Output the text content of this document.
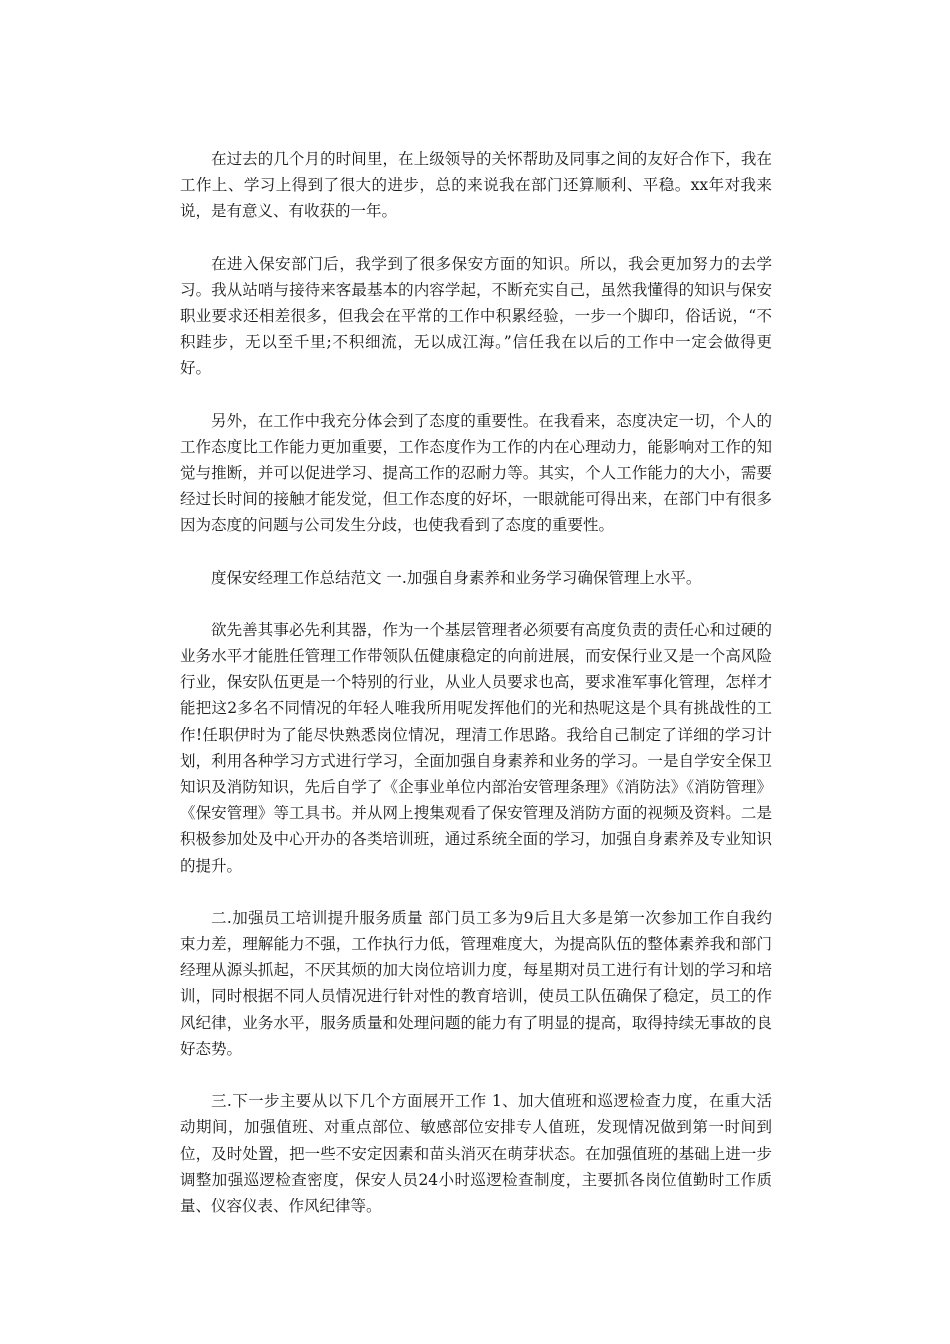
在过去的几个月的时间里，在上级领导的关怀帮助及同事之间的友好合作下，我在工作上、学习上得到了很大的进步，总的来说我在部门还算顺利、平稳。xx年对我来说，是有意义、有收获的一年。

在进入保安部门后，我学到了很多保安方面的知识。所以，我会更加努力的去学习。我从站哨与接待来客最基本的内容学起，不断充实自己，虽然我懂得的知识与保安职业要求还相差很多，但我会在平常的工作中积累经验，一步一个脚印，俗话说，“不积跬步，无以至千里;不积细流，无以成江海。”信任我在以后的工作中一定会做得更好。

另外，在工作中我充分体会到了态度的重要性。在我看来，态度决定一切，个人的工作态度比工作能力更加重要，工作态度作为工作的内在心理动力，能影响对工作的知觉与推断，并可以促进学习、提高工作的忍耐力等。其实，个人工作能力的大小，需要经过长时间的接触才能发觉，但工作态度的好坏，一眼就能可得出来，在部门中有很多因为态度的问题与公司发生分歧，也使我看到了态度的重要性。

度保安经理工作总结范文 一.加强自身素养和业务学习确保管理上水平。

欲先善其事必先利其器，作为一个基层管理者必须要有高度负责的责任心和过硬的业务水平才能胜任管理工作带领队伍健康稳定的向前进展，而安保行业又是一个高风险行业，保安队伍更是一个特别的行业，从业人员要求也高，要求准军事化管理，怎样才能把这2多名不同情况的年轻人唯我所用呢发挥他们的光和热呢这是个具有挑战性的工作!任职伊时为了能尽快熟悉岗位情况，理清工作思路。我给自己制定了详细的学习计划，利用各种学习方式进行学习，全面加强自身素养和业务的学习。一是自学安全保卫知识及消防知识，先后自学了《企事业单位内部治安管理条理》《消防法》《消防管理》《保安管理》等工具书。并从网上搜集观看了保安管理及消防方面的视频及资料。二是积极参加处及中心开办的各类培训班，通过系统全面的学习，加强自身素养及专业知识的提升。

二.加强员工培训提升服务质量 部门员工多为9后且大多是第一次参加工作自我约束力差，理解能力不强，工作执行力低，管理难度大，为提高队伍的整体素养我和部门经理从源头抓起，不厌其烦的加大岗位培训力度，每星期对员工进行有计划的学习和培训，同时根据不同人员情况进行针对性的教育培训，使员工队伍确保了稳定，员工的作风纪律，业务水平，服务质量和处理问题的能力有了明显的提高，取得持续无事故的良好态势。

三.下一步主要从以下几个方面展开工作 1、加大值班和巡逻检查力度，在重大活动期间，加强值班、对重点部位、敏感部位安排专人值班，发现情况做到第一时间到位，及时处置，把一些不安定因素和苗头消灭在萌芽状态。在加强值班的基础上进一步调整加强巡逻检查密度，保安人员24小时巡逻检查制度，主要抓各岗位值勤时工作质量、仪容仪表、作风纪律等。
